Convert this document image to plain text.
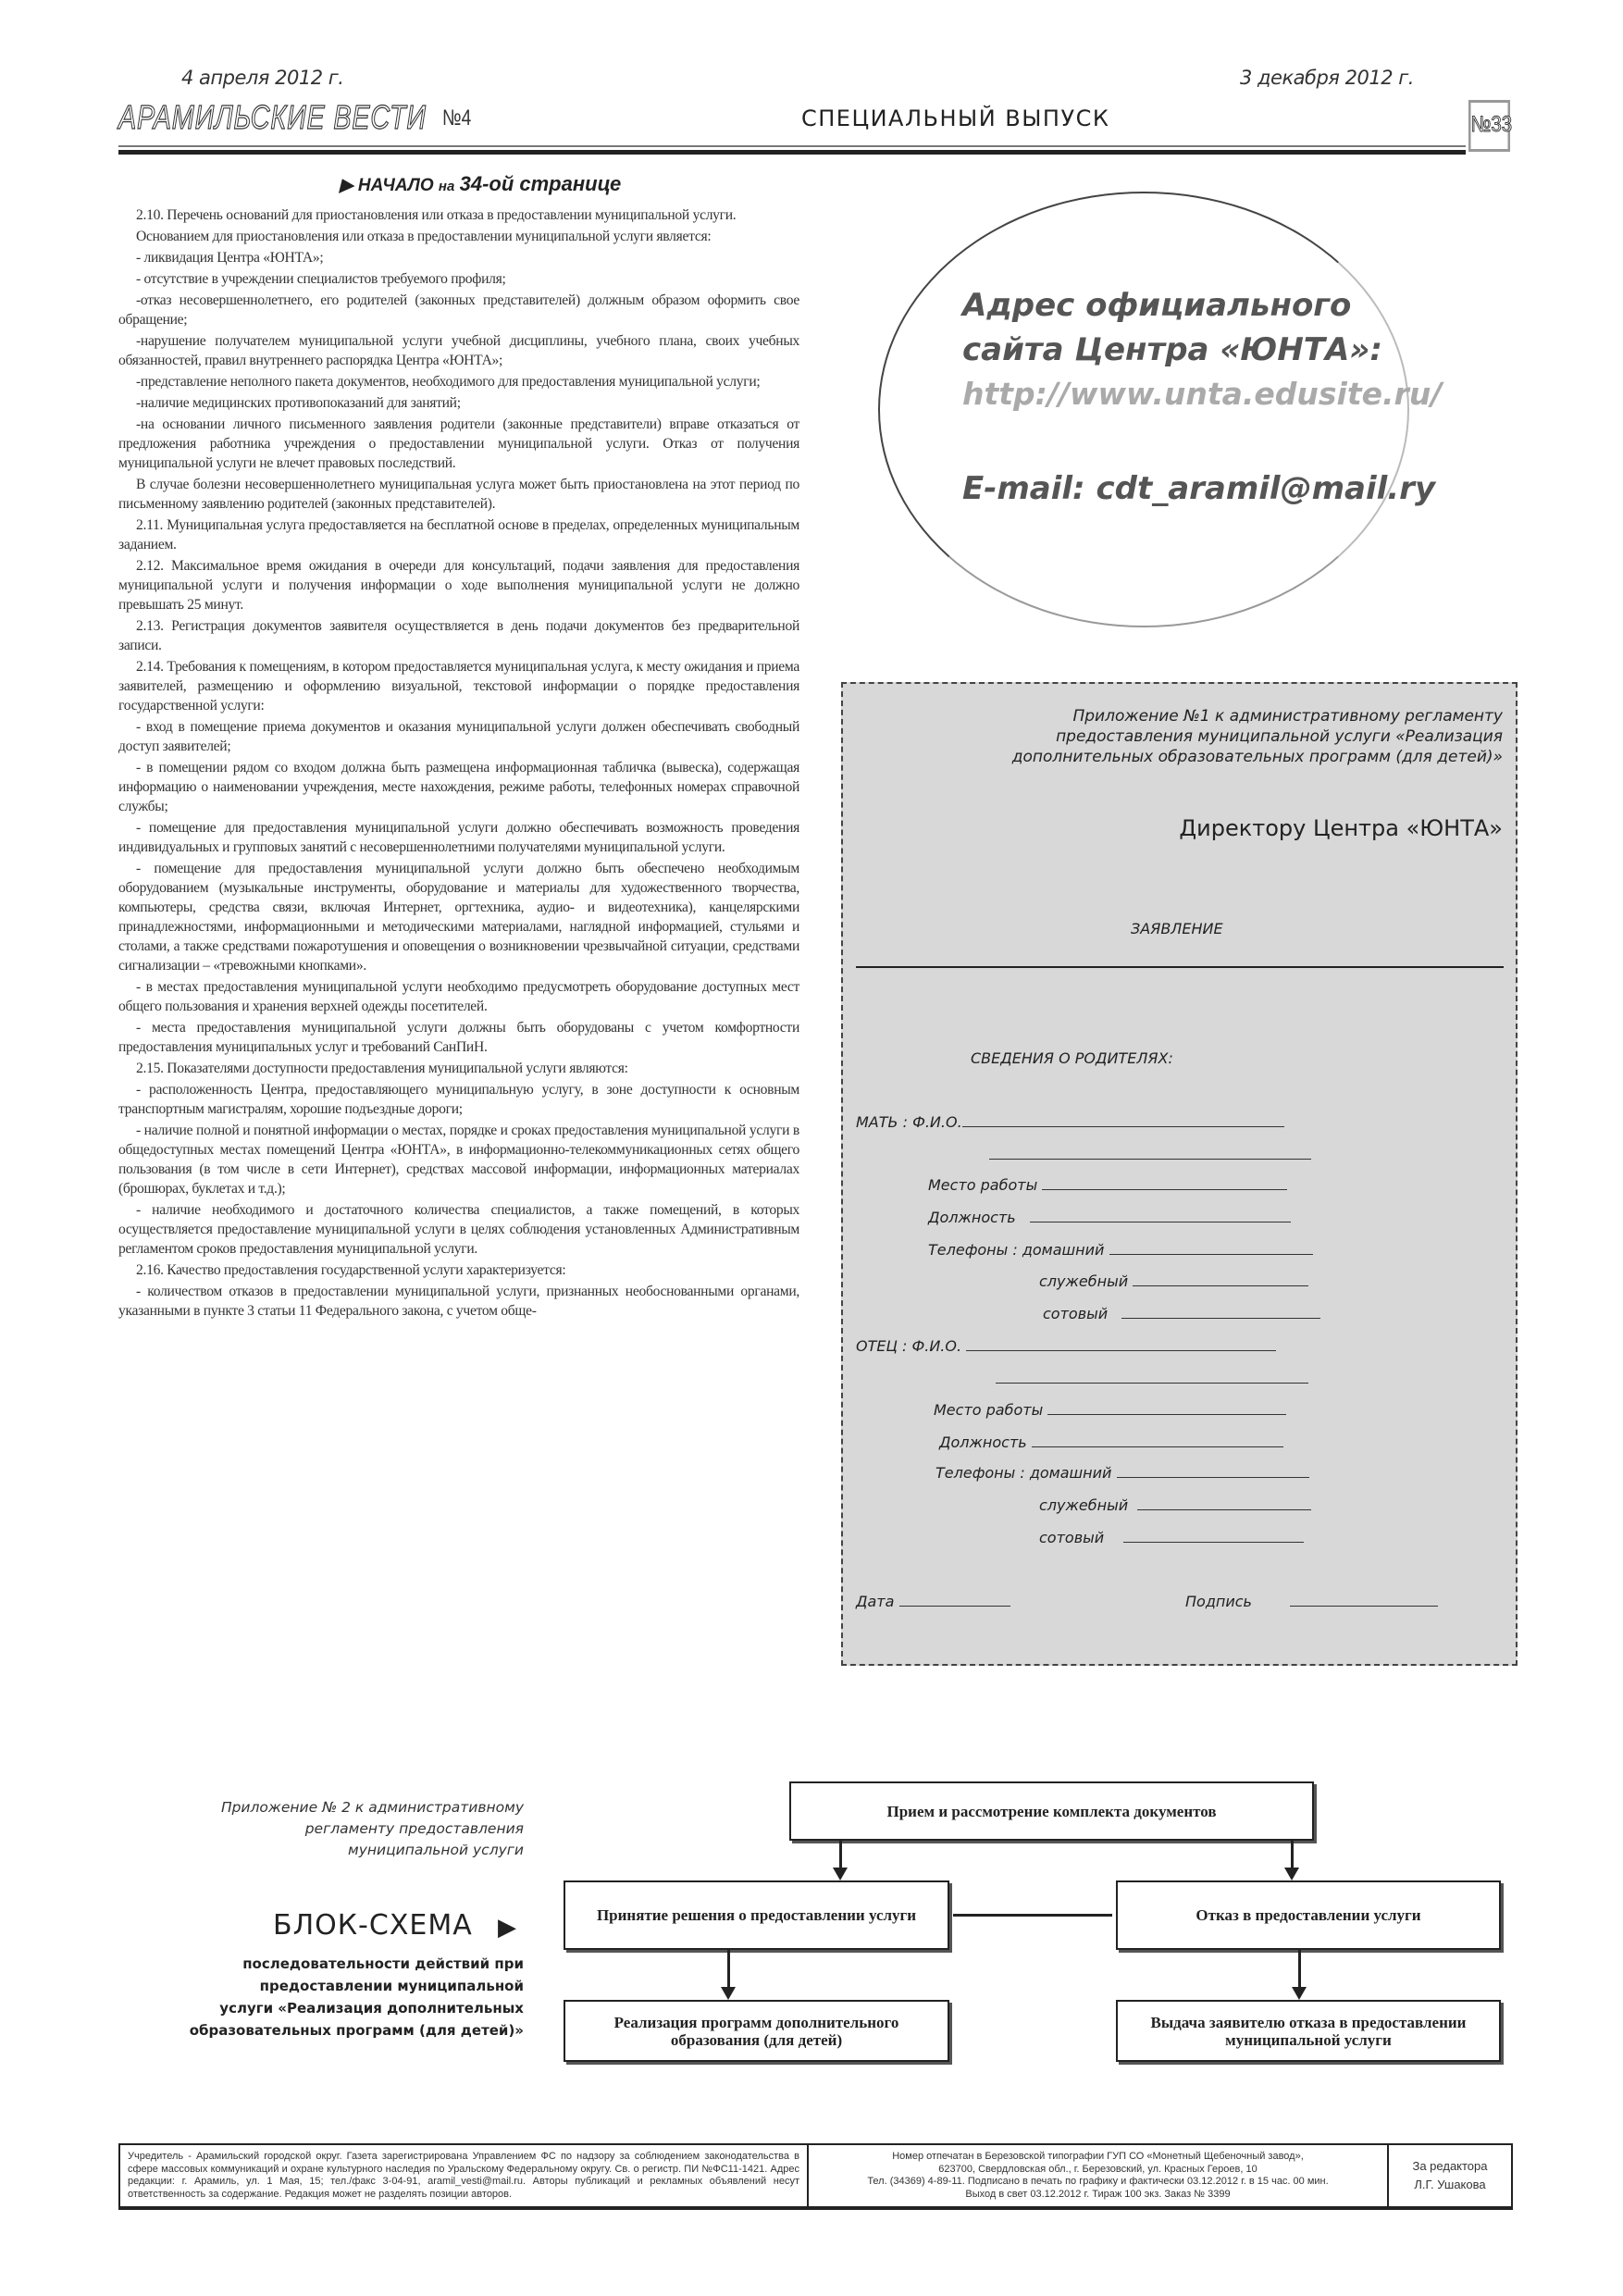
4 апреля 2012 г.	3 декабря 2012 г.
АРАМИЛЬСКИЕ ВЕСТИ №4	СПЕЦИАЛЬНЫЙ ВЫПУСК	№33
▶ НАЧАЛО на 34-ой странице

2.10. Перечень оснований для приостановления или отказа в предоставлении муниципальной услуги.

Основанием для приостановления или отказа в предоставлении муниципальной услуги является:

- ликвидация Центра «ЮНТА»;

- отсутствие в учреждении специалистов требуемого профиля;

-отказ несовершеннолетнего, его родителей (законных представителей) должным образом оформить свое обращение;

-нарушение получателем муниципальной услуги учебной дисциплины, учебного плана, своих учебных обязанностей, правил внутреннего распорядка Центра «ЮНТА»;

-представление неполного пакета документов, необходимого для предоставления муниципальной услуги;

-наличие медицинских противопоказаний для занятий;

-на основании личного письменного заявления родители (законные представители) вправе отказаться от предложения работника учреждения о предоставлении муниципальной услуги. Отказ от получения муниципальной услуги не влечет правовых последствий.

В случае болезни несовершеннолетнего муниципальная услуга может быть приостановлена на этот период по письменному заявлению родителей (законных представителей).

2.11. Муниципальная услуга предоставляется на бесплатной основе в пределах, определенных муниципальным заданием.

2.12. Максимальное время ожидания в очереди для консультаций, подачи заявления для предоставления муниципальной услуги и получения информации о ходе выполнения муниципальной услуги не должно превышать 25 минут.

2.13. Регистрация документов заявителя осуществляется в день подачи документов без предварительной записи.

2.14. Требования к помещениям, в котором предоставляется муниципальная услуга, к месту ожидания и приема заявителей, размещению и оформлению визуальной, текстовой информации о порядке предоставления государственной услуги:

- вход в помещение приема документов и оказания муниципальной услуги должен обеспечивать свободный доступ заявителей;

- в помещении рядом со входом должна быть размещена информационная табличка (вывеска), содержащая информацию о наименовании учреждения, месте нахождения, режиме работы, телефонных номерах справочной службы;

- помещение для предоставления муниципальной услуги должно обеспечивать возможность проведения индивидуальных и групповых занятий с несовершеннолетними получателями муниципальной услуги.

- помещение для предоставления муниципальной услуги должно быть обеспечено необходимым оборудованием (музыкальные инструменты, оборудование и материалы для художественного творчества, компьютеры, средства связи, включая Интернет, оргтехника, аудио- и видеотехника), канцелярскими принадлежностями, информационными и методическими материалами, наглядной информацией, стульями и столами, а также средствами пожаротушения и оповещения о возникновении чрезвычайной ситуации, средствами сигнализации – «тревожными кнопками».

- в местах предоставления муниципальной услуги необходимо предусмотреть оборудование доступных мест общего пользования и хранения верхней одежды посетителей.

- места предоставления муниципальной услуги должны быть оборудованы с учетом комфортности предоставления муниципальных услуг и требований СанПиН.

2.15. Показателями доступности предоставления муниципальной услуги являются:

- расположенность Центра, предоставляющего муниципальную услугу, в зоне доступности к основным транспортным магистралям, хорошие подъездные дороги;

- наличие полной и понятной информации о местах, порядке и сроках предоставления муниципальной услуги в общедоступных местах помещений Центра «ЮНТА», в информационно-телекоммуникационных сетях общего пользования (в том числе в сети Интернет), средствах массовой информации, информационных материалах (брошюрах, буклетах и т.д.);

- наличие необходимого и достаточного количества специалистов, а также помещений, в которых осуществляется предоставление муниципальной услуги в целях соблюдения установленных Административным регламентом сроков предоставления муниципальной услуги.

2.16. Качество предоставления государственной услуги характеризуется:

- количеством отказов в предоставлении муниципальной услуги, признанных необоснованными органами, указанными в пункте 3 статьи 11 Федерального закона, с учетом обще-

Адрес официального
сайта Центра «ЮНТА»:
http://www.unta.edusite.ru/
E-mail: cdt_aramil@mail.ry
Приложение №1 к административному регламенту
предоставления муниципальной услуги «Реализация
дополнительных образовательных программ (для детей)»
Директору Центра «ЮНТА»
ЗАЯВЛЕНИЕ
СВЕДЕНИЯ О РОДИТЕЛЯХ:
МАТЬ : Ф.И.О.
Место работы
Должность
Телефоны : домашний
служебный
сотовый
ОТЕЦ : Ф.И.О.
Место работы
Должность
Телефоны : домашний
служебный
сотовый
Дата	Подпись
Приложение № 2 к административному
регламенту предоставления
муниципальной услуги
БЛОК-СХЕМА ▶
последовательности действий при
предоставлении муниципальной
услуги «Реализация дополнительных
образовательных программ (для детей)»
Прием и рассмотрение комплекта документов
Принятие решения о предоставлении услуги	Отказ в предоставлении услуги
Реализация программ дополнительного образования (для детей)
Выдача заявителю отказа в предоставлении муниципальной услуги
Учредитель - Арамильский городской округ. Газета зарегистрирована Управлением ФС по надзору за соблюдением законодательства в сфере массовых коммуникаций и охране культурного наследия по Уральскому Федеральному округу. Св. о регистр. ПИ №ФС11-1421. Адрес редакции: г. Арамиль, ул. 1 Мая, 15; тел./факс 3-04-91, aramil_vesti@mail.ru. Авторы публикаций и рекламных объявлений несут ответственность за содержание. Редакция может не разделять позиции авторов.
Номер отпечатан в Березовской типографии ГУП СО «Монетный Щебеночный завод»,
623700, Свердловская обл., г. Березовский, ул. Красных Героев, 10
Тел. (34369) 4-89-11. Подписано в печать по графику и фактически 03.12.2012 г. в 15 час. 00 мин.
Выход в свет 03.12.2012 г. Тираж 100 экз. Заказ № 3399
За редактора
Л.Г. Ушакова
